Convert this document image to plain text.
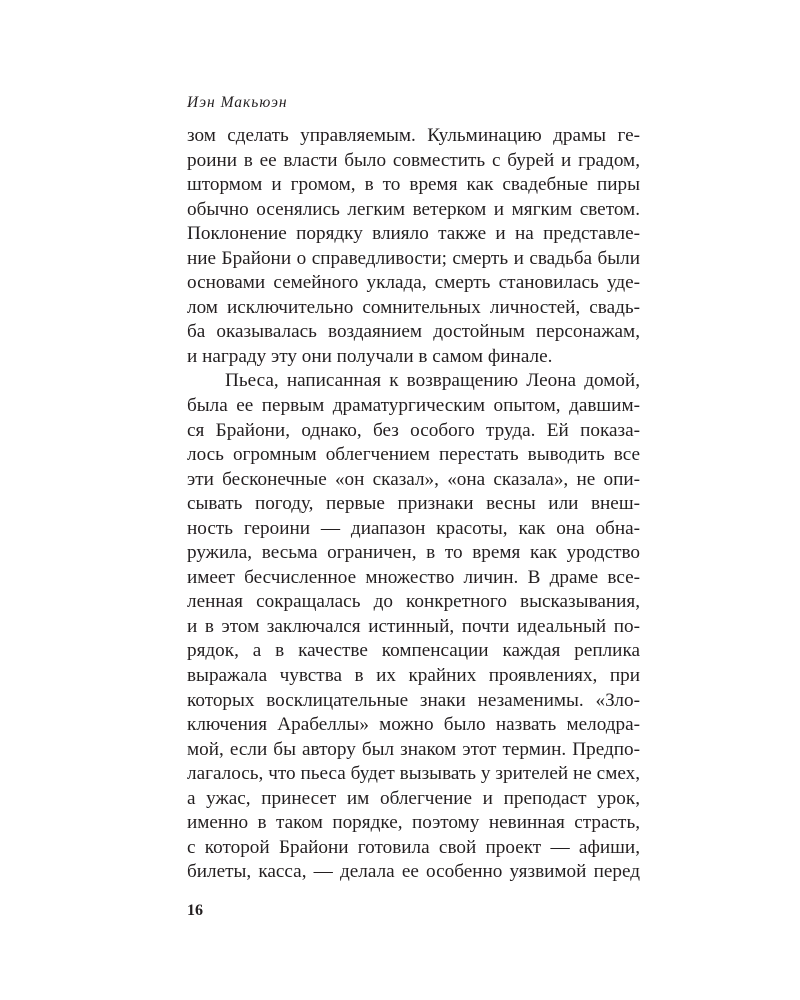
Иэн Макьюэн
зом сделать управляемым. Кульминацию драмы ге-
роини в ее власти было совместить с бурей и градом,
штормом и громом, в то время как свадебные пиры
обычно осенялись легким ветерком и мягким светом.
Поклонение порядку влияло также и на представле-
ние Брайони о справедливости; смерть и свадьба были
основами семейного уклада, смерть становилась уде-
лом исключительно сомнительных личностей, свадь-
ба оказывалась воздаянием достойным персонажам,
и награду эту они получали в самом финале.
Пьеса, написанная к возвращению Леона домой,
была ее первым драматургическим опытом, давшим-
ся Брайони, однако, без особого труда. Ей показа-
лось огромным облегчением перестать выводить все
эти бесконечные «он сказал», «она сказала», не опи-
сывать погоду, первые признаки весны или внеш-
ность героини — диапазон красоты, как она обна-
ружила, весьма ограничен, в то время как уродство
имеет бесчисленное множество личин. В драме все-
ленная сокращалась до конкретного высказывания,
и в этом заключался истинный, почти идеальный по-
рядок, а в качестве компенсации каждая реплика
выражала чувства в их крайних проявлениях, при
которых восклицательные знаки незаменимы. «Зло-
ключения Арабеллы» можно было назвать мелодра-
мой, если бы автору был знаком этот термин. Предпо-
лагалось, что пьеса будет вызывать у зрителей не смех,
а ужас, принесет им облегчение и преподаст урок,
именно в таком порядке, поэтому невинная страсть,
с которой Брайони готовила свой проект — афиши,
билеты, касса, — делала ее особенно уязвимой перед
16
